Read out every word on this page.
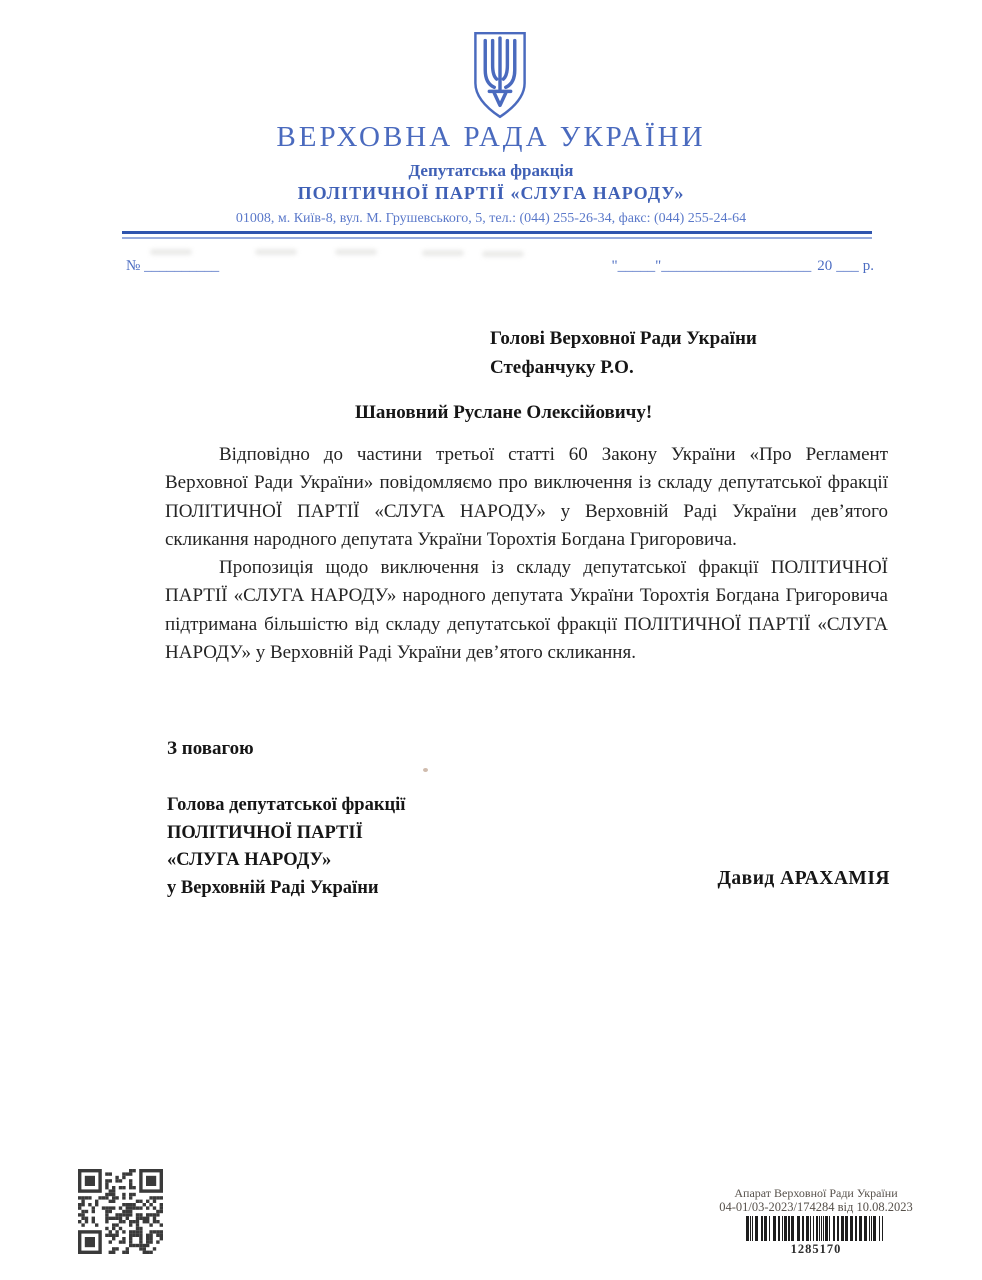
ВЕРХОВНА РАДА УКРАЇНИ
Депутатська фракція
ПОЛІТИЧНОЇ ПАРТІЇ «СЛУГА НАРОДУ»
01008, м. Київ-8, вул. М. Грушевського, 5, тел.: (044) 255-26-34, факс: (044) 255-24-64
№ __________	"_____"____________________ 20 ___ р.
Голові Верховної Ради України
Стефанчуку Р.О.
Шановний Руслане Олексійовичу!

Відповідно до частини третьої статті 60 Закону України «Про Регламент Верховної Ради України» повідомляємо про виключення із складу депутатської фракції ПОЛІТИЧНОЇ ПАРТІЇ «СЛУГА НАРОДУ» у Верховній Раді України дев’ятого скликання народного депутата України Торохтія Богдана Григоровича.

Пропозиція щодо виключення із складу депутатської фракції ПОЛІТИЧНОЇ ПАРТІЇ «СЛУГА НАРОДУ» народного депутата України Торохтія Богдана Григоровича підтримана більшістю від складу депутатської фракції ПОЛІТИЧНОЇ ПАРТІЇ «СЛУГА НАРОДУ» у Верховній Раді України дев’ятого скликання.

З повагою
Голова депутатської фракції
ПОЛІТИЧНОЇ ПАРТІЇ
«СЛУГА НАРОДУ»
у Верховній Раді України	Давид АРАХАМІЯ
Апарат Верховної Ради України
04-01/03-2023/174284 від 10.08.2023
1285170
